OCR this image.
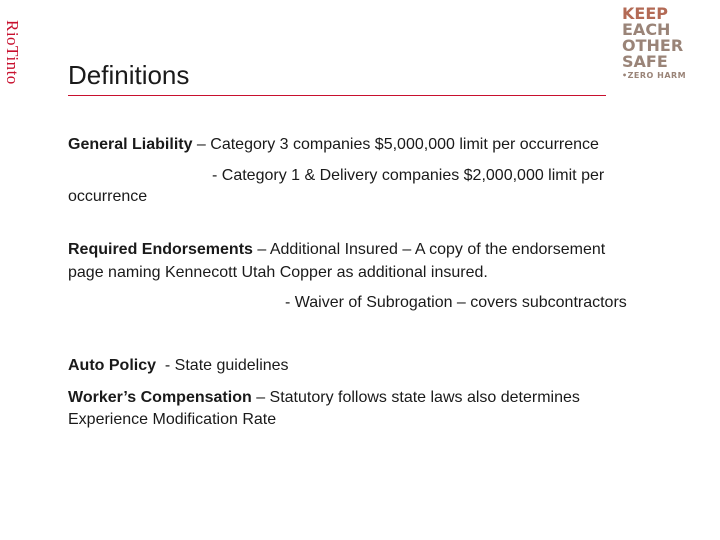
RioTinto
KEEP
EACH
OTHER
SAFE
•ZERO HARM
Definitions
General Liability – Category 3 companies $5,000,000 limit per occurrence
- Category 1 & Delivery companies $2,000,000 limit per
occurrence
Required Endorsements – Additional Insured – A copy of the endorsement
page naming Kennecott Utah Copper as additional insured.
- Waiver of Subrogation – covers subcontractors
Auto Policy  - State guidelines
Worker’s Compensation – Statutory follows state laws also determines
Experience Modification Rate
